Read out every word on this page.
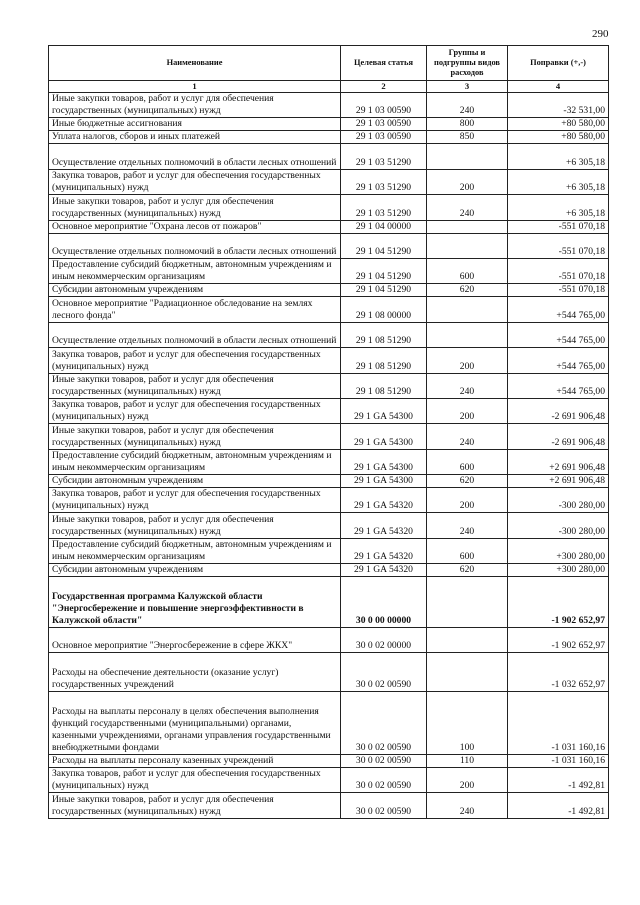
290
Наименование	Целевая статья	Группы и подгруппы видов расходов	Поправки (+,-)
1	2	3	4
Иные закупки товаров, работ и услуг для обеспечения государственных (муниципальных) нужд	29 1 03 00590	240	-32 531,00
Иные бюджетные ассигнования	29 1 03 00590	800	+80 580,00
Уплата налогов, сборов и иных платежей	29 1 03 00590	850	+80 580,00
Осуществление отдельных полномочий в области лесных отношений	29 1 03 51290		+6 305,18
Закупка товаров, работ и услуг для обеспечения государственных (муниципальных) нужд	29 1 03 51290	200	+6 305,18
Иные закупки товаров, работ и услуг для обеспечения государственных (муниципальных) нужд	29 1 03 51290	240	+6 305,18
Основное мероприятие "Охрана лесов от пожаров"	29 1 04 00000		-551 070,18
Осуществление отдельных полномочий в области лесных отношений	29 1 04 51290		-551 070,18
Предоставление субсидий бюджетным, автономным учреждениям и иным некоммерческим организациям	29 1 04 51290	600	-551 070,18
Субсидии автономным учреждениям	29 1 04 51290	620	-551 070,18
Основное мероприятие "Радиационное обследование на землях лесного фонда"	29 1 08 00000		+544 765,00
Осуществление отдельных полномочий в области лесных отношений	29 1 08 51290		+544 765,00
Закупка товаров, работ и услуг для обеспечения государственных (муниципальных) нужд	29 1 08 51290	200	+544 765,00
Иные закупки товаров, работ и услуг для обеспечения государственных (муниципальных) нужд	29 1 08 51290	240	+544 765,00
Закупка товаров, работ и услуг для обеспечения государственных (муниципальных) нужд	29 1 GA 54300	200	-2 691 906,48
Иные закупки товаров, работ и услуг для обеспечения государственных (муниципальных) нужд	29 1 GA 54300	240	-2 691 906,48
Предоставление субсидий бюджетным, автономным учреждениям и иным некоммерческим организациям	29 1 GA 54300	600	+2 691 906,48
Субсидии автономным учреждениям	29 1 GA 54300	620	+2 691 906,48
Закупка товаров, работ и услуг для обеспечения государственных (муниципальных) нужд	29 1 GA 54320	200	-300 280,00
Иные закупки товаров, работ и услуг для обеспечения государственных (муниципальных) нужд	29 1 GA 54320	240	-300 280,00
Предоставление субсидий бюджетным, автономным учреждениям и иным некоммерческим организациям	29 1 GA 54320	600	+300 280,00
Субсидии автономным учреждениям	29 1 GA 54320	620	+300 280,00
Государственная программа Калужской области "Энергосбережение и повышение энергоэффективности в Калужской области"	30 0 00 00000		-1 902 652,97
Основное мероприятие "Энергосбережение в сфере ЖКХ"	30 0 02 00000		-1 902 652,97
Расходы на обеспечение деятельности (оказание услуг) государственных учреждений	30 0 02 00590		-1 032 652,97
Расходы на выплаты персоналу в целях обеспечения выполнения функций государственными (муниципальными) органами, казенными учреждениями, органами управления государственными внебюджетными фондами	30 0 02 00590	100	-1 031 160,16
Расходы на выплаты персоналу казенных учреждений	30 0 02 00590	110	-1 031 160,16
Закупка товаров, работ и услуг для обеспечения государственных (муниципальных) нужд	30 0 02 00590	200	-1 492,81
Иные закупки товаров, работ и услуг для обеспечения государственных (муниципальных) нужд	30 0 02 00590	240	-1 492,81
